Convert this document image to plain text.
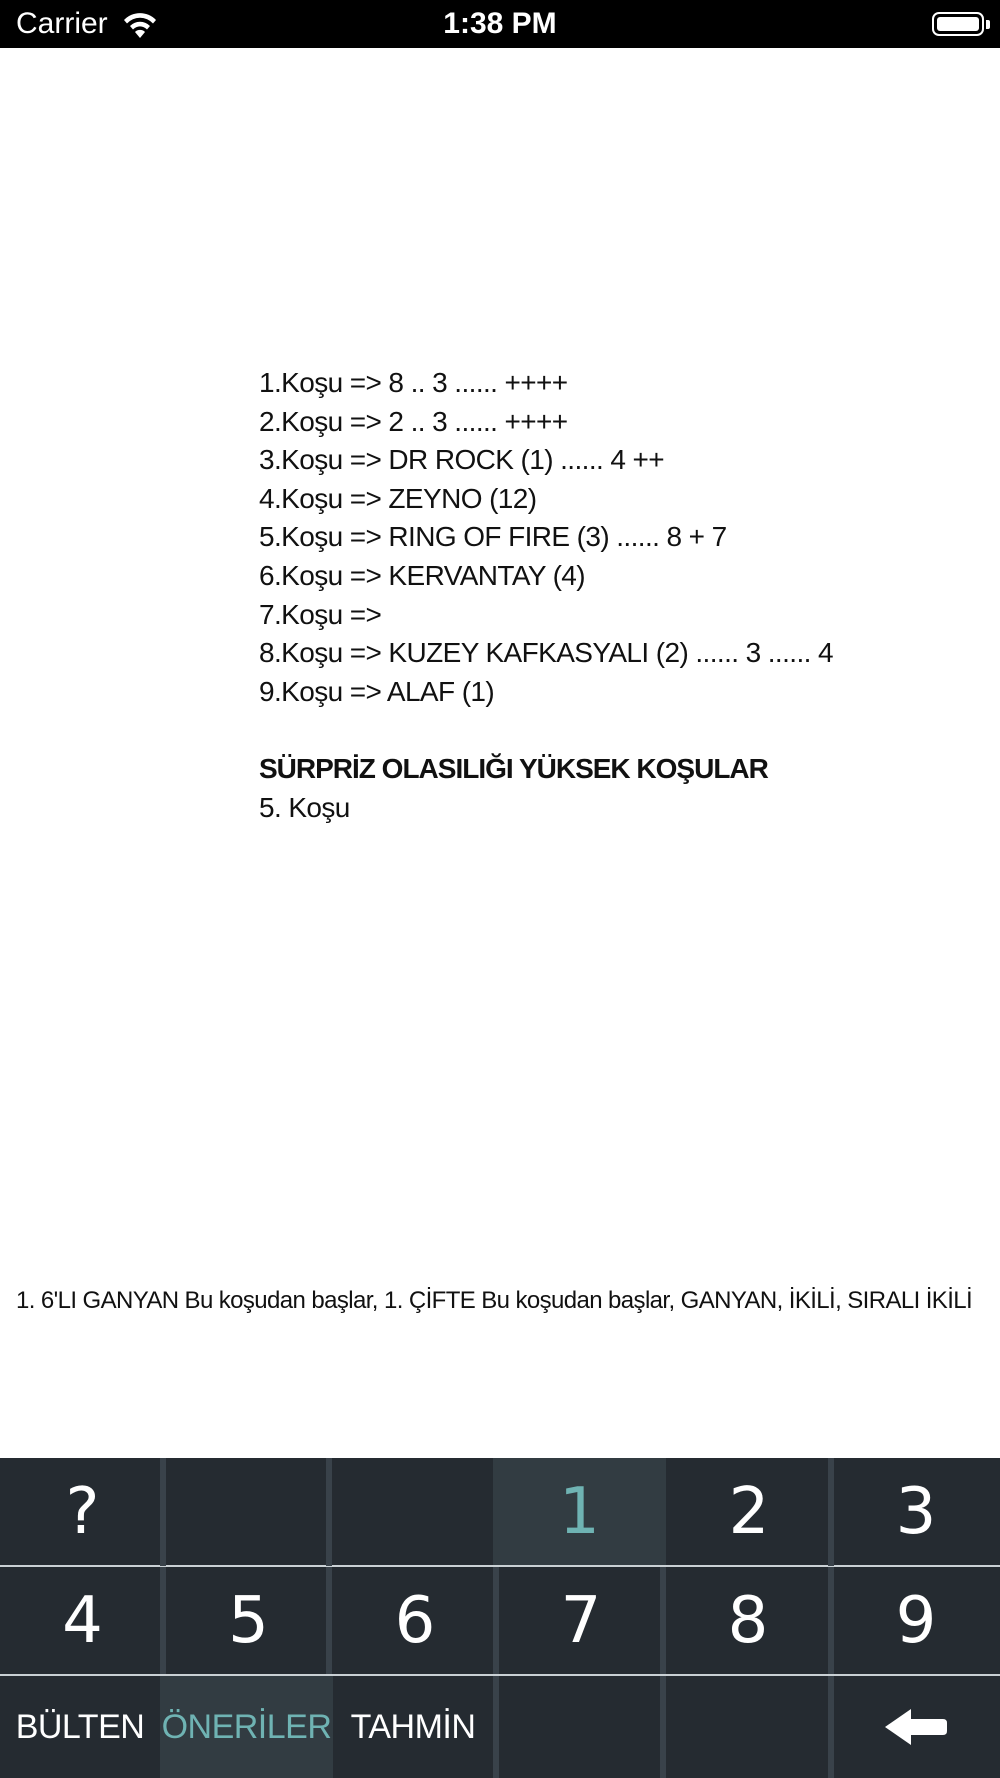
Carrier	1:38 PM
1.Koşu => 8 .. 3 ...... ++++
2.Koşu => 2 .. 3 ...... ++++
3.Koşu => DR ROCK (1) ...... 4 ++
4.Koşu => ZEYNO (12)
5.Koşu => RING OF FIRE (3) ...... 8 + 7
6.Koşu => KERVANTAY (4)
7.Koşu =>
8.Koşu => KUZEY KAFKASYALI (2) ...... 3 ...... 4
9.Koşu => ALAF (1)
SÜRPRİZ OLASILIĞI YÜKSEK KOŞULAR
5. Koşu
1. 6'LI GANYAN Bu koşudan başlar, 1. ÇİFTE Bu koşudan başlar, GANYAN, İKİLİ, SIRALI İKİLİ
?	1	2	3
4	5	6	7	8	9
BÜLTEN ÖNERİLER TAHMİN
